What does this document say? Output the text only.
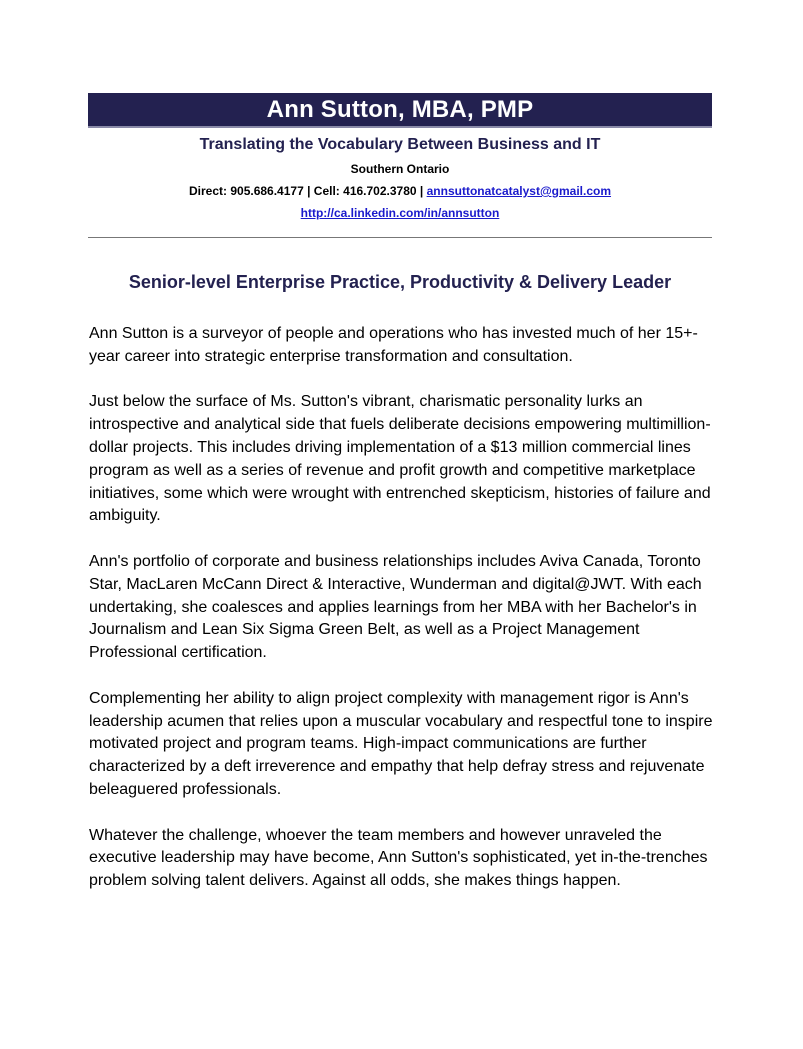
Ann Sutton, MBA, PMP
Translating the Vocabulary Between Business and IT
Southern Ontario
Direct: 905.686.4177 | Cell: 416.702.3780 | annsuttonatcatalyst@gmail.com
http://ca.linkedin.com/in/annsutton
Senior-level Enterprise Practice, Productivity & Delivery Leader

Ann Sutton is a surveyor of people and operations who has invested much of her 15+-year career into strategic enterprise transformation and consultation.

Just below the surface of Ms. Sutton's vibrant, charismatic personality lurks an introspective and analytical side that fuels deliberate decisions empowering multimillion-dollar projects. This includes driving implementation of a $13 million commercial lines program as well as a series of revenue and profit growth and competitive marketplace initiatives, some which were wrought with entrenched skepticism, histories of failure and ambiguity.

Ann's portfolio of corporate and business relationships includes Aviva Canada, Toronto Star, MacLaren McCann Direct & Interactive, Wunderman and digital@JWT. With each undertaking, she coalesces and applies learnings from her MBA with her Bachelor's in Journalism and Lean Six Sigma Green Belt, as well as a Project Management Professional certification.

Complementing her ability to align project complexity with management rigor is Ann's leadership acumen that relies upon a muscular vocabulary and respectful tone to inspire motivated project and program teams. High-impact communications are further characterized by a deft irreverence and empathy that help defray stress and rejuvenate beleaguered professionals.

Whatever the challenge, whoever the team members and however unraveled the executive leadership may have become, Ann Sutton's sophisticated, yet in-the-trenches problem solving talent delivers. Against all odds, she makes things happen.
